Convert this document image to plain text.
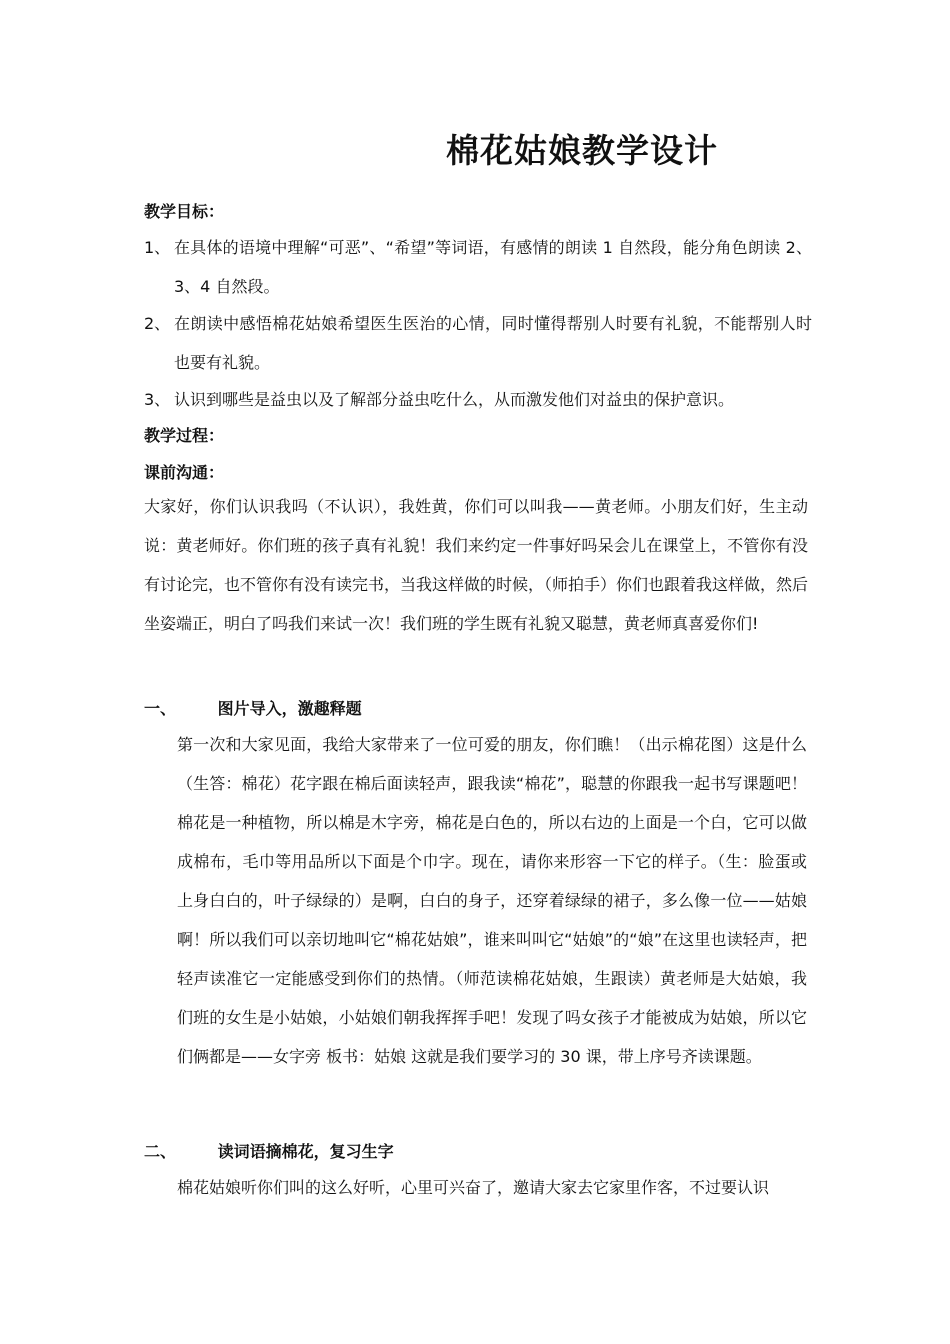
棉花姑娘教学设计
教学目标：
1、 在具体的语境中理解“可恶”、“希望”等词语，有感情的朗读 1 自然段，能分角色朗读 2、3、4 自然段。

2、 在朗读中感悟棉花姑娘希望医生医治的心情，同时懂得帮别人时要有礼貌，不能帮别人时也要有礼貌。

3、 认识到哪些是益虫以及了解部分益虫吃什么，从而激发他们对益虫的保护意识。

教学过程：
课前沟通：

大家好，你们认识我吗（不认识），我姓黄，你们可以叫我——黄老师。小朋友们好，生主动说：黄老师好。你们班的孩子真有礼貌！我们来约定一件事好吗呆会儿在课堂上，不管你有没有讨论完，也不管你有没有读完书，当我这样做的时候，（师拍手）你们也跟着我这样做，然后坐姿端正，明白了吗我们来试一次！我们班的学生既有礼貌又聪慧，黄老师真喜爱你们!

一、	图片导入，激趣释题

第一次和大家见面，我给大家带来了一位可爱的朋友，你们瞧！（出示棉花图）这是什么（生答：棉花）花字跟在棉后面读轻声，跟我读“棉花”，聪慧的你跟我一起书写课题吧！棉花是一种植物，所以棉是木字旁，棉花是白色的，所以右边的上面是一个白，它可以做成棉布，毛巾等用品所以下面是个巾字。现在，请你来形容一下它的样子。（生：脸蛋或上身白白的，叶子绿绿的）是啊，白白的身子，还穿着绿绿的裙子，多么像一位——姑娘啊！所以我们可以亲切地叫它“棉花姑娘”，谁来叫叫它“姑娘”的“娘”在这里也读轻声，把轻声读准它一定能感受到你们的热情。（师范读棉花姑娘，生跟读）黄老师是大姑娘，我们班的女生是小姑娘，小姑娘们朝我挥挥手吧！发现了吗女孩子才能被成为姑娘，所以它们俩都是——女字旁 板书：姑娘 这就是我们要学习的 30 课，带上序号齐读课题。

二、	读词语摘棉花，复习生字

棉花姑娘听你们叫的这么好听，心里可兴奋了，邀请大家去它家里作客，不过要认识
